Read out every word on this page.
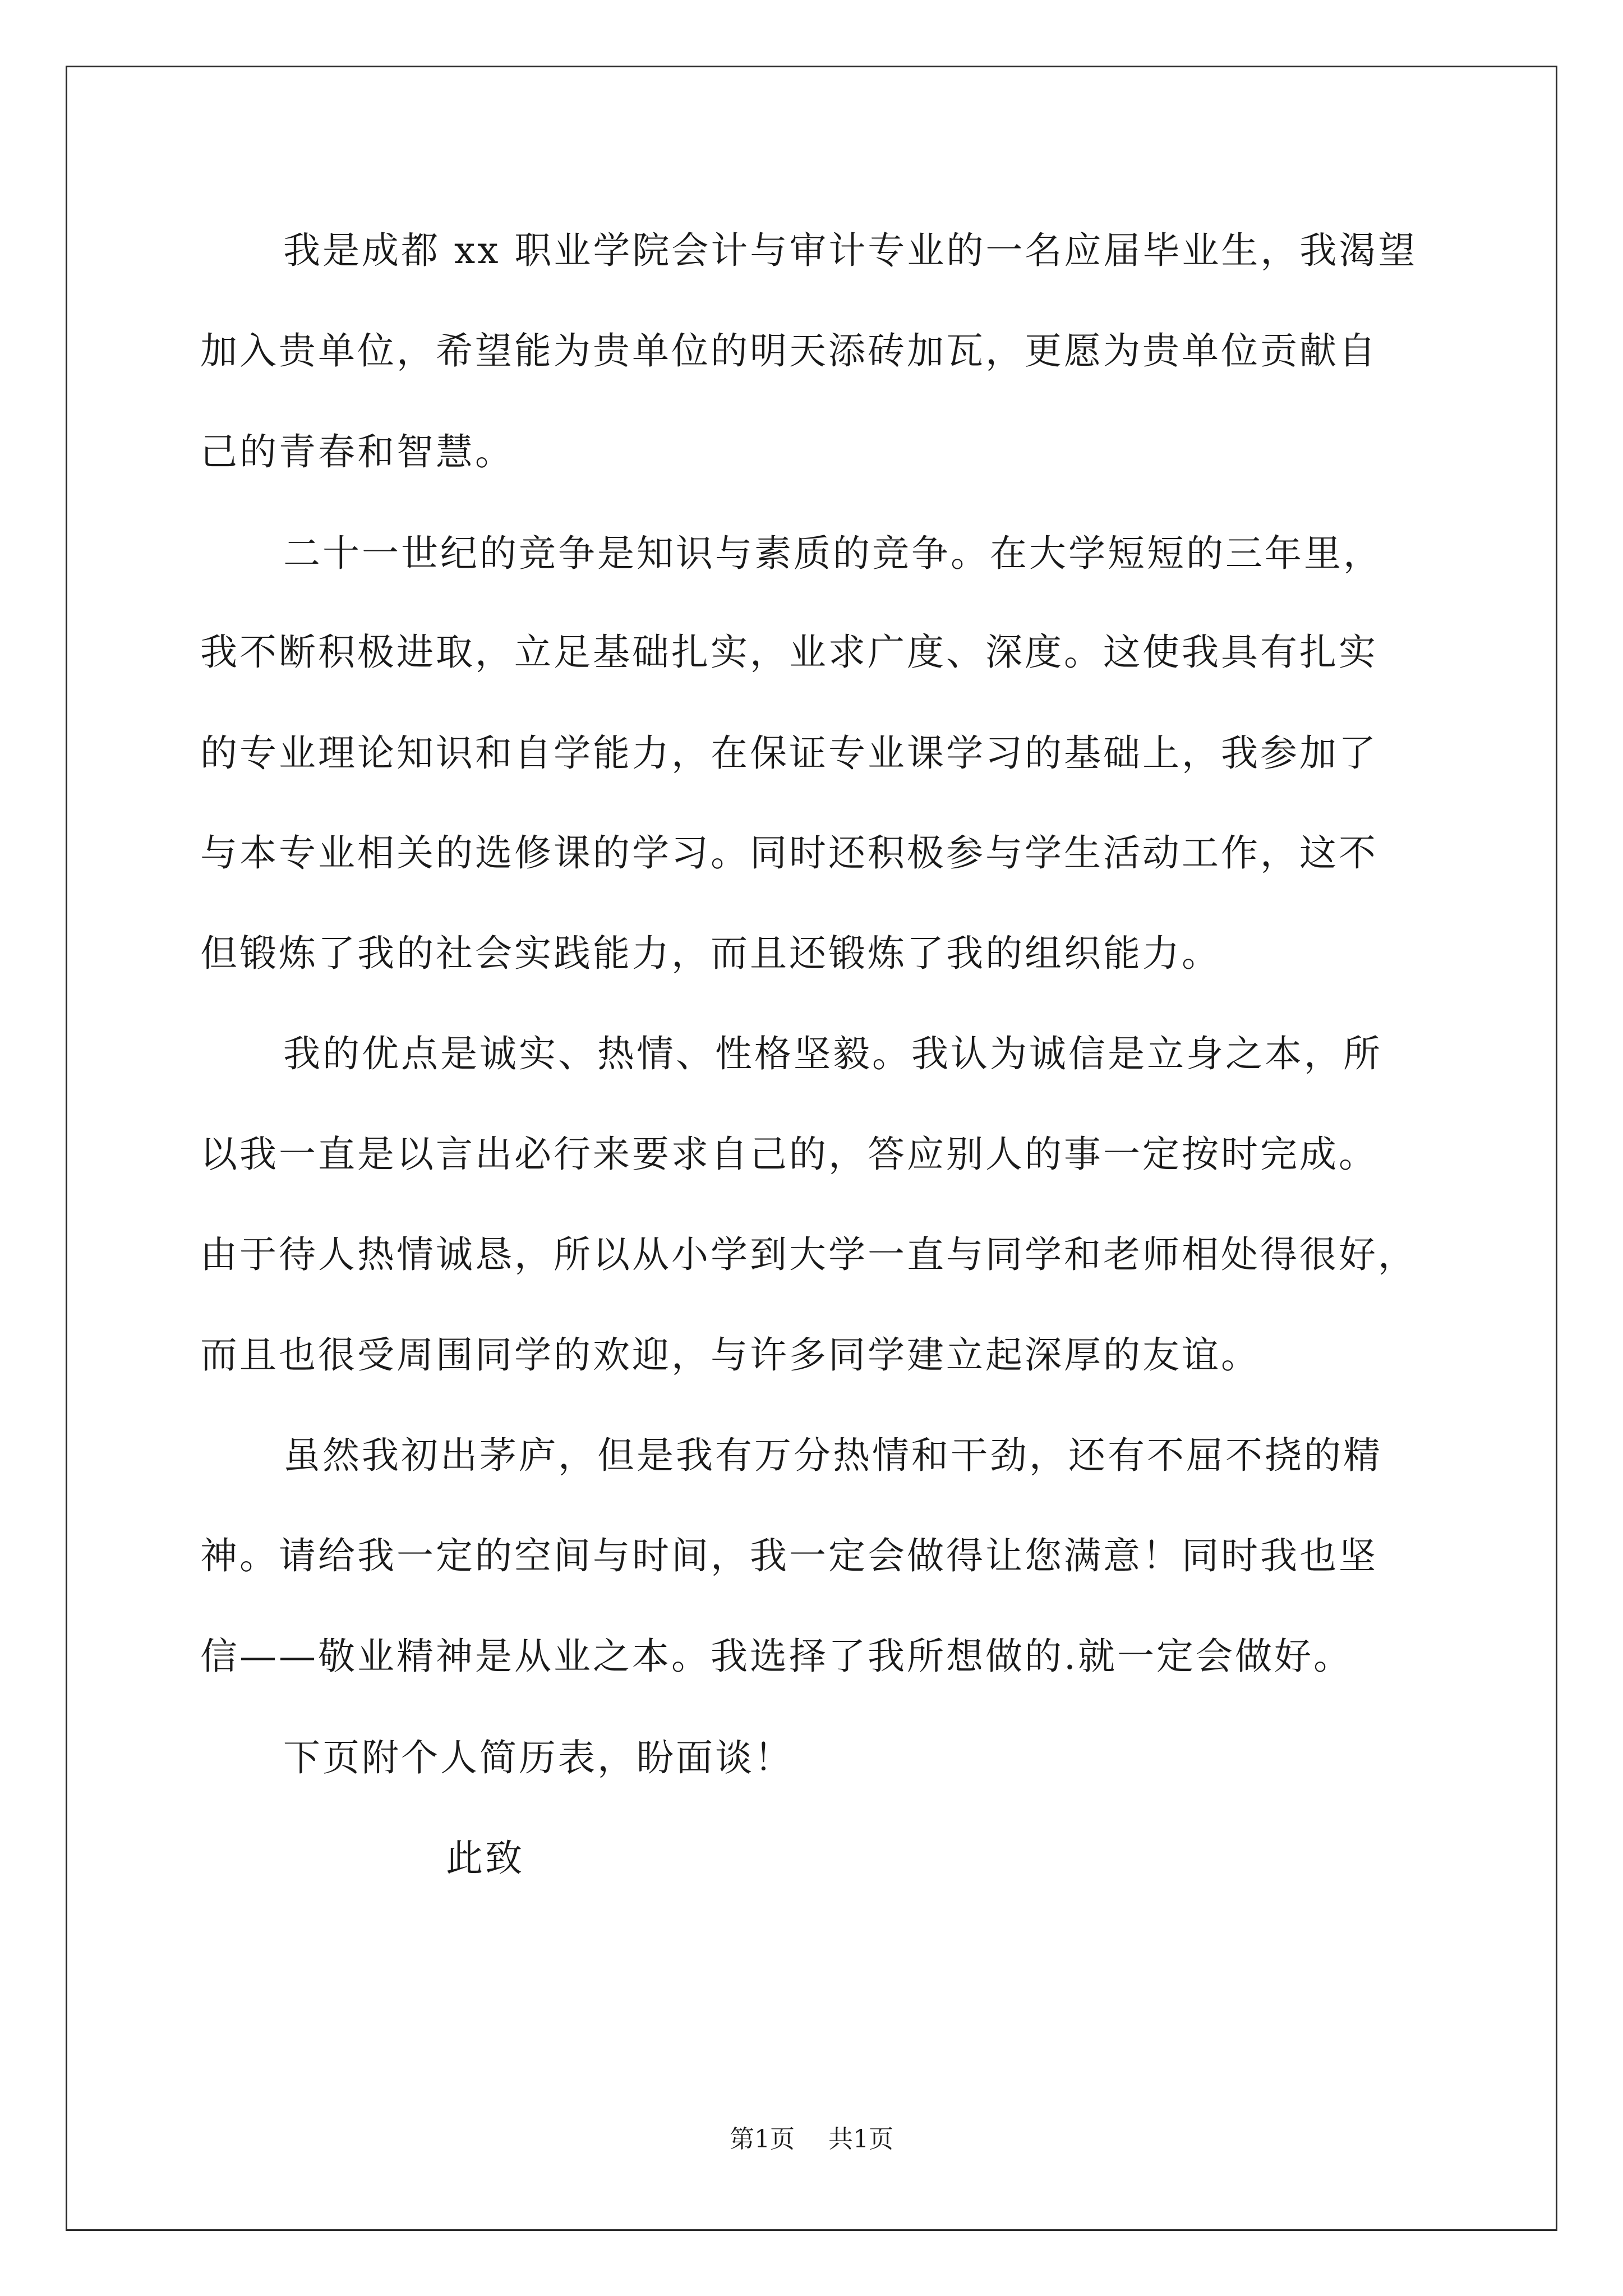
我是成都 xx 职业学院会计与审计专业的一名应届毕业生，我渴望
加入贵单位，希望能为贵单位的明天添砖加瓦，更愿为贵单位贡献自
己的青春和智慧。
二十一世纪的竞争是知识与素质的竞争。在大学短短的三年里，
我不断积极进取，立足基础扎实，业求广度、深度。这使我具有扎实
的专业理论知识和自学能力，在保证专业课学习的基础上，我参加了
与本专业相关的选修课的学习。同时还积极参与学生活动工作，这不
但锻炼了我的社会实践能力，而且还锻炼了我的组织能力。
我的优点是诚实、热情、性格坚毅。我认为诚信是立身之本，所
以我一直是以言出必行来要求自己的，答应别人的事一定按时完成。
由于待人热情诚恳，所以从小学到大学一直与同学和老师相处得很好，
而且也很受周围同学的欢迎，与许多同学建立起深厚的友谊。
虽然我初出茅庐，但是我有万分热情和干劲，还有不屈不挠的精
神。请给我一定的空间与时间，我一定会做得让您满意！同时我也坚
信——敬业精神是从业之本。我选择了我所想做的.就一定会做好。
下页附个人简历表，盼面谈！
此致
第1页 共1页
